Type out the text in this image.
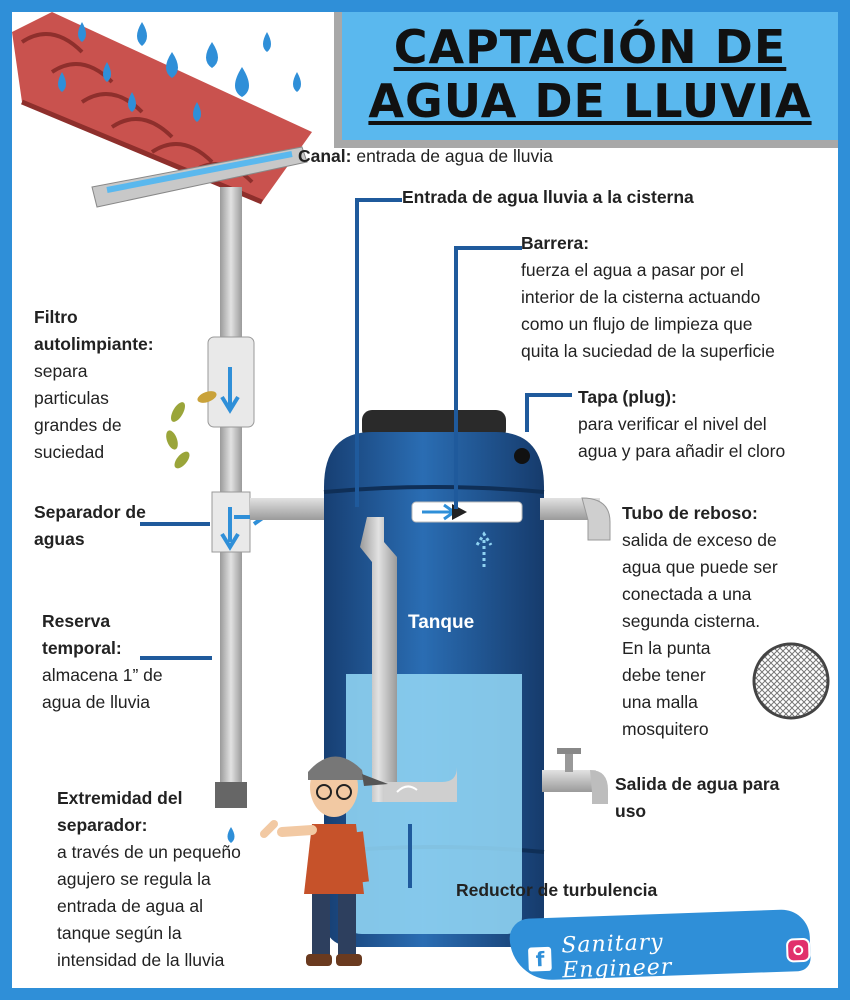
CAPTACIÓN DE
AGUA DE LLUVIA
Canal: entrada de agua de lluvia
Entrada de agua lluvia a la cisterna
Barrera:
fuerza el agua a pasar por el
interior de la cisterna actuando
como un flujo de limpieza que
quita la suciedad de la superficie
Filtro
autolimpiante:
separa
particulas
grandes de
suciedad
Tapa (plug):
para verificar el nivel del
agua y para añadir el cloro
Separador de
aguas
Tubo de reboso:
salida de exceso de
agua que puede ser
conectada a una
segunda cisterna.
En la punta
debe tener
una malla
mosquitero
Reserva
temporal:
almacena 1” de
agua de lluvia
Salida de agua para
uso
Extremidad del
separador:
a través de un pequeño
agujero se regula la
entrada de agua al
tanque según la
intensidad de la lluvia
Reductor de turbulencia
Tanque
f
Sanitary Engineer
